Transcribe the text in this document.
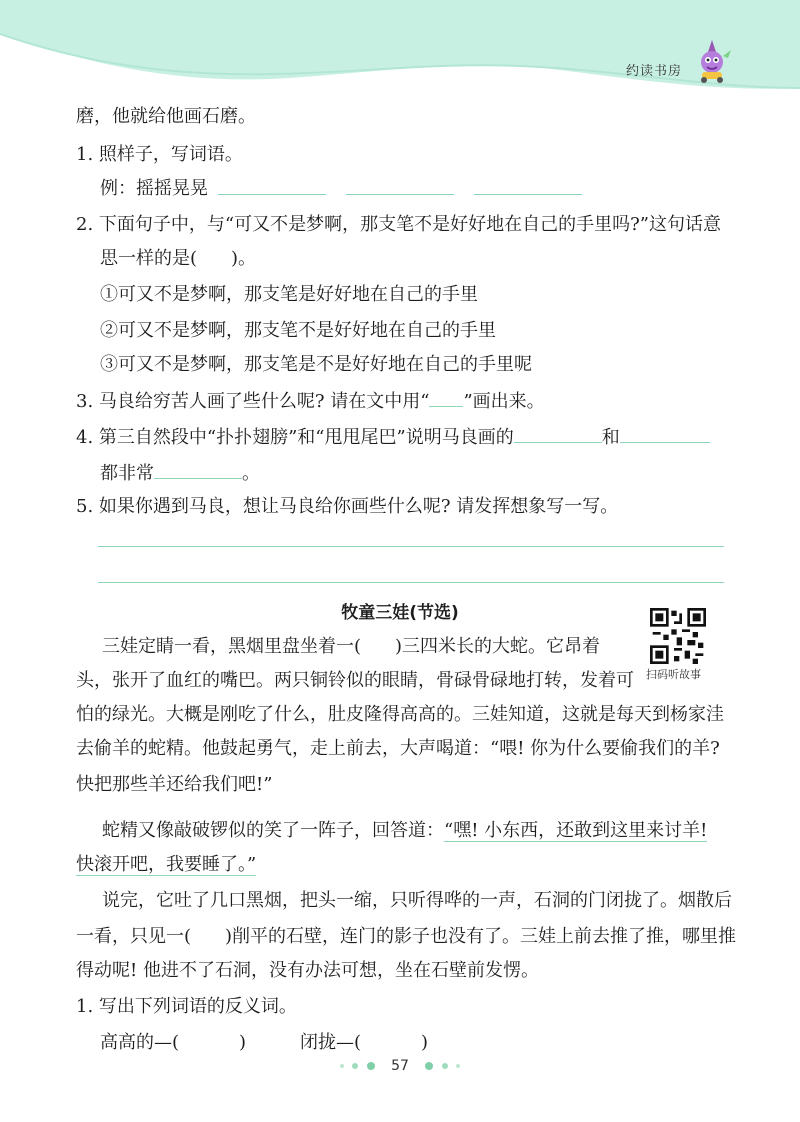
约读书房
磨，他就给他画石磨。
1. 照样子，写词语。
例：摇摇晃晃
2. 下面句子中，与“可又不是梦啊，那支笔不是好好地在自己的手里吗?”这句话意
思一样的是( )。
①可又不是梦啊，那支笔是好好地在自己的手里
②可又不是梦啊，那支笔不是好好地在自己的手里
③可又不是梦啊，那支笔是不是好好地在自己的手里呢
3. 马良给穷苦人画了些什么呢? 请在文中用“ ”画出来。
4. 第三自然段中“扑扑翅膀”和“甩甩尾巴”说明马良画的	和
都非常	。
5. 如果你遇到马良，想让马良给你画些什么呢? 请发挥想象写一写。
牧童三娃(节选)
扫码听故事
三娃定睛一看，黑烟里盘坐着一( )三四米长的大蛇。它昂着
头，张开了血红的嘴巴。两只铜铃似的眼睛，骨碌骨碌地打转，发着可
怕的绿光。大概是刚吃了什么，肚皮隆得高高的。三娃知道，这就是每天到杨家洼
去偷羊的蛇精。他鼓起勇气，走上前去，大声喝道：“喂! 你为什么要偷我们的羊?
快把那些羊还给我们吧!”
蛇精又像敲破锣似的笑了一阵子，回答道：“嘿! 小东西，还敢到这里来讨羊!
快滚开吧，我要睡了。”
说完，它吐了几口黑烟，把头一缩，只听得哗的一声，石洞的门闭拢了。烟散后
一看，只见一( )削平的石壁，连门的影子也没有了。三娃上前去推了推，哪里推
得动呢! 他进不了石洞，没有办法可想，坐在石壁前发愣。
1. 写出下列词语的反义词。
高高的—(	)	闭拢—(	)
57
